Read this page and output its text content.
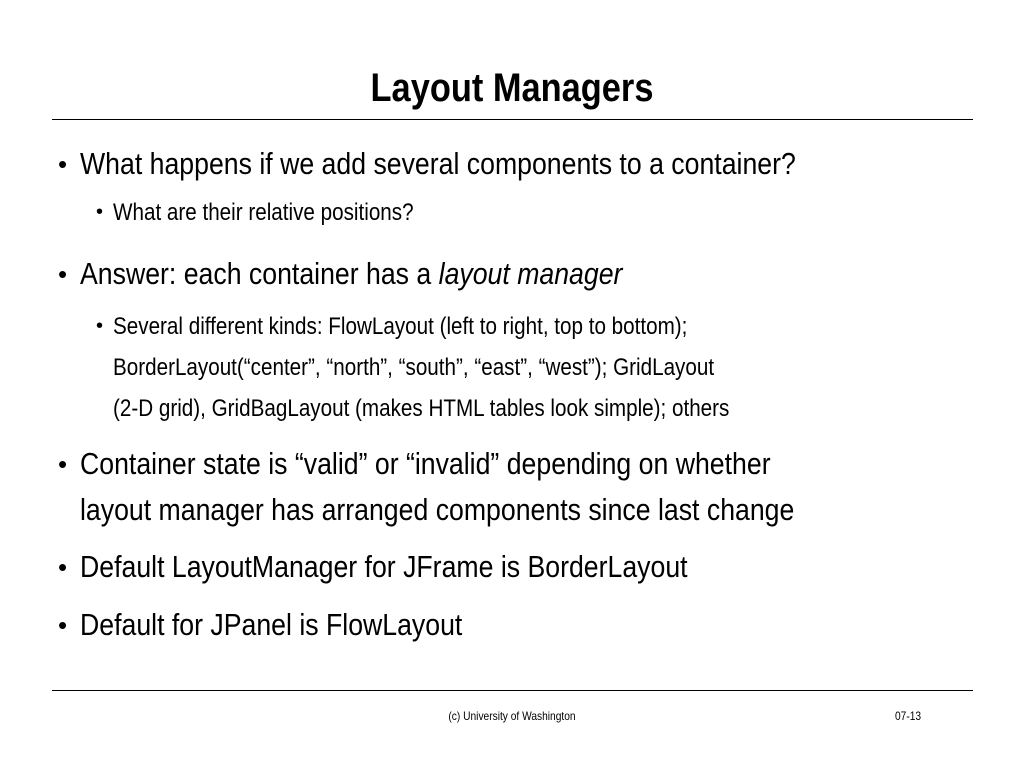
Layout Managers
• What happens if we add several components to a container?
• What are their relative positions?
• Answer: each container has a layout manager
• Several different kinds: FlowLayout (left to right, top to bottom);
BorderLayout(“center”, “north”, “south”, “east”, “west”); GridLayout
(2-D grid), GridBagLayout (makes HTML tables look simple); others
• Container state is “valid” or “invalid” depending on whether
layout manager has arranged components since last change
• Default LayoutManager for JFrame is BorderLayout
• Default for JPanel is FlowLayout
(c) University of Washington	07-13
